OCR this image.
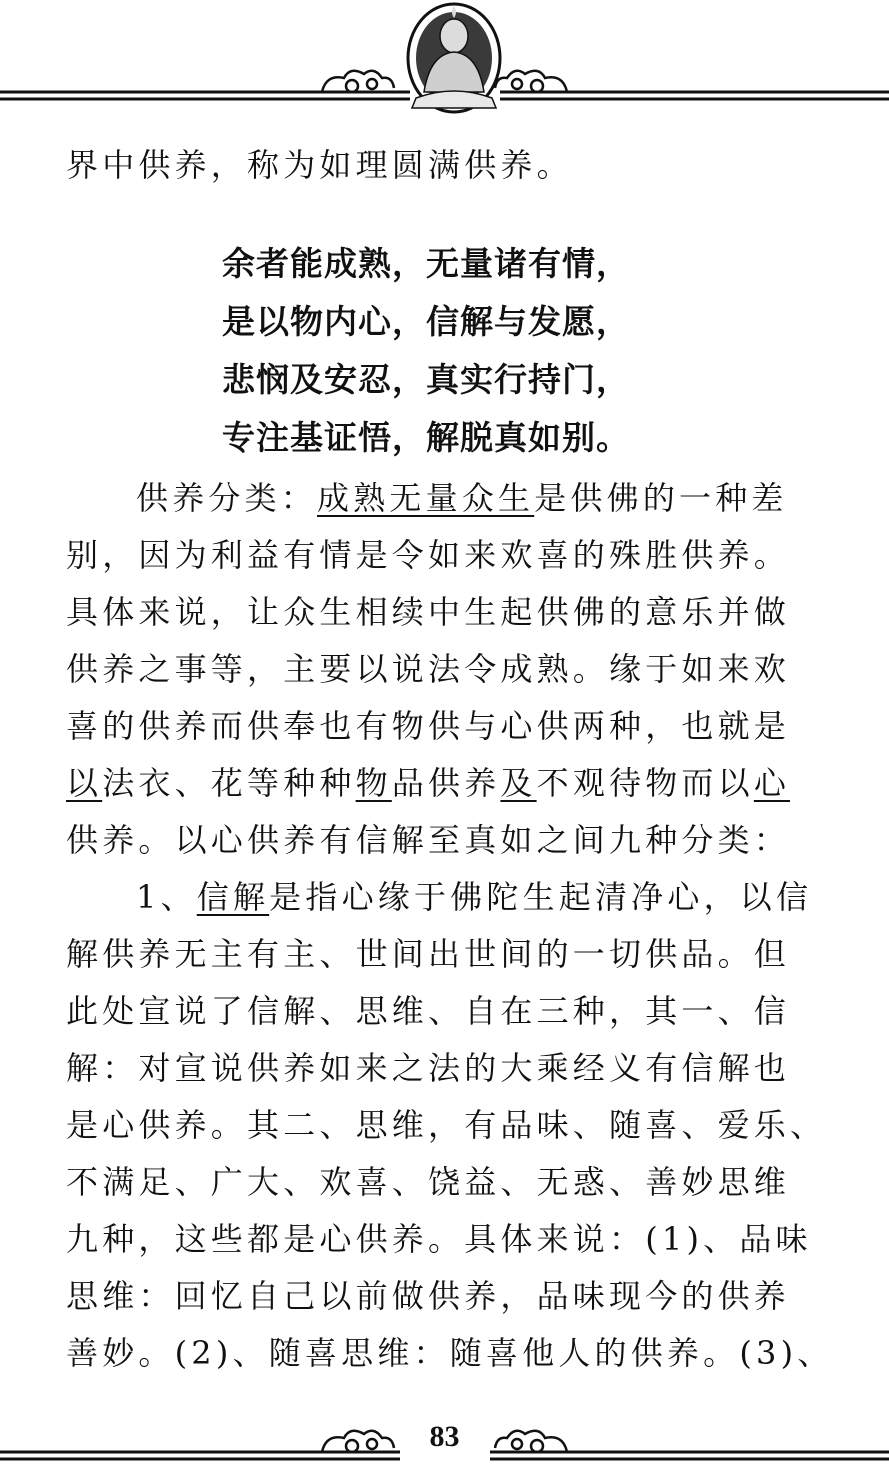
界中供养，称为如理圆满供养。
供养分类：成熟无量众生是供佛的一种差
别，因为利益有情是令如来欢喜的殊胜供养。
具体来说，让众生相续中生起供佛的意乐并做
供养之事等，主要以说法令成熟。缘于如来欢
喜的供养而供奉也有物供与心供两种，也就是
以法衣、花等种种物品供养及不观待物而以心
供养。以心供养有信解至真如之间九种分类：
1、信解是指心缘于佛陀生起清净心，以信
解供养无主有主、世间出世间的一切供品。但
此处宣说了信解、思维、自在三种，其一、信
解：对宣说供养如来之法的大乘经义有信解也
是心供养。其二、思维，有品味、随喜、爱乐、
不满足、广大、欢喜、饶益、无惑、善妙思维
九种，这些都是心供养。具体来说：(1)、品味
思维：回忆自己以前做供养，品味现今的供养
善妙。(2)、随喜思维：随喜他人的供养。(3)、
余者能成熟，无量诸有情，
是以物内心，信解与发愿，
悲悯及安忍，真实行持门，
专注基证悟，解脱真如别。
83
